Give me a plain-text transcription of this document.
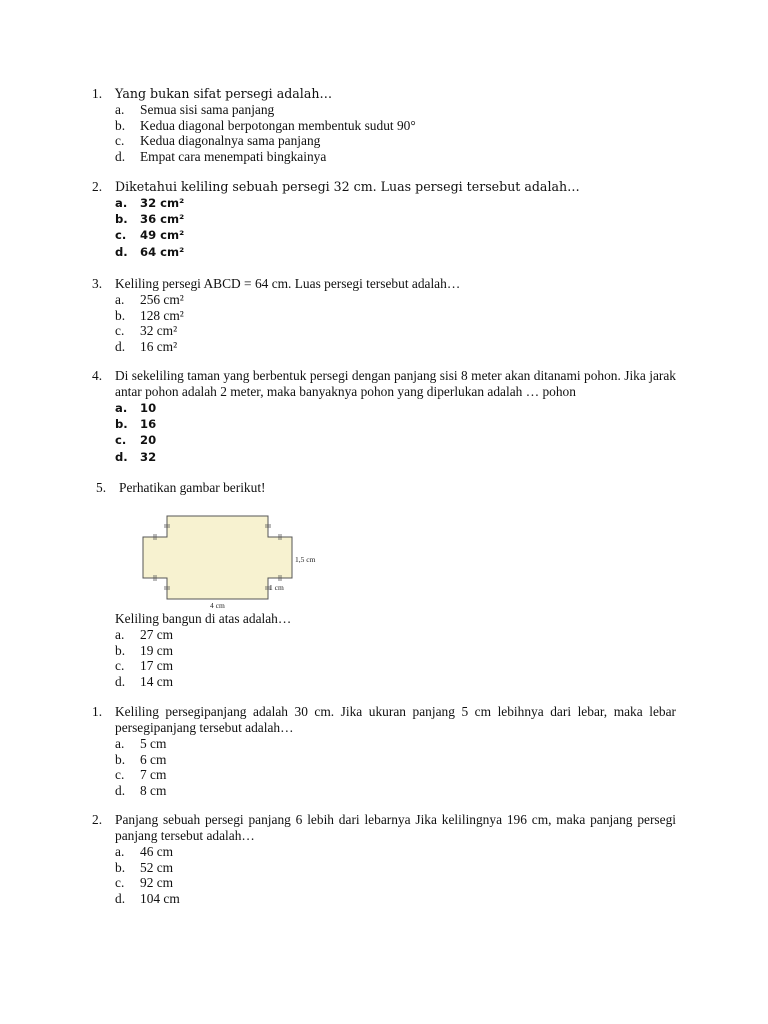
1.	Yang bukan sifat persegi adalah…
a.	Semua sisi sama panjang
b.	Kedua diagonal berpotongan membentuk sudut 90°
c.	Kedua diagonalnya sama panjang
d.	Empat cara menempati bingkainya
2.	Diketahui keliling sebuah persegi 32 cm. Luas persegi tersebut adalah…
a.	32 cm²
b.	36 cm²
c.	49 cm²
d.	64 cm²
3. Keliling persegi ABCD = 64 cm. Luas persegi tersebut adalah…
a.	256 cm²
b.	128 cm²
c.	32 cm²
d.	16 cm²
4. Di sekeliling taman yang berbentuk persegi dengan panjang sisi 8 meter akan ditanami pohon. Jika jarak antar pohon adalah 2 meter, maka banyaknya pohon yang diperlukan adalah … pohon
a.	10
b.	16
c.	20
d.	32
5. Perhatikan gambar berikut!
1,5 cm
1 cm
4 cm
Keliling bangun di atas adalah…
a.	27 cm
b.	19 cm
c.	17 cm
d.	14 cm
1. Keliling persegipanjang adalah 30 cm. Jika ukuran panjang 5 cm lebihnya dari lebar, maka lebar persegipanjang tersebut adalah…
a.	5 cm
b.	6 cm
c.	7 cm
d.	8 cm
2. Panjang sebuah persegi panjang 6 lebih dari lebarnya Jika kelilingnya 196 cm, maka panjang persegi panjang tersebut adalah…
a.	46 cm
b.	52 cm
c.	92 cm
d.	104 cm
